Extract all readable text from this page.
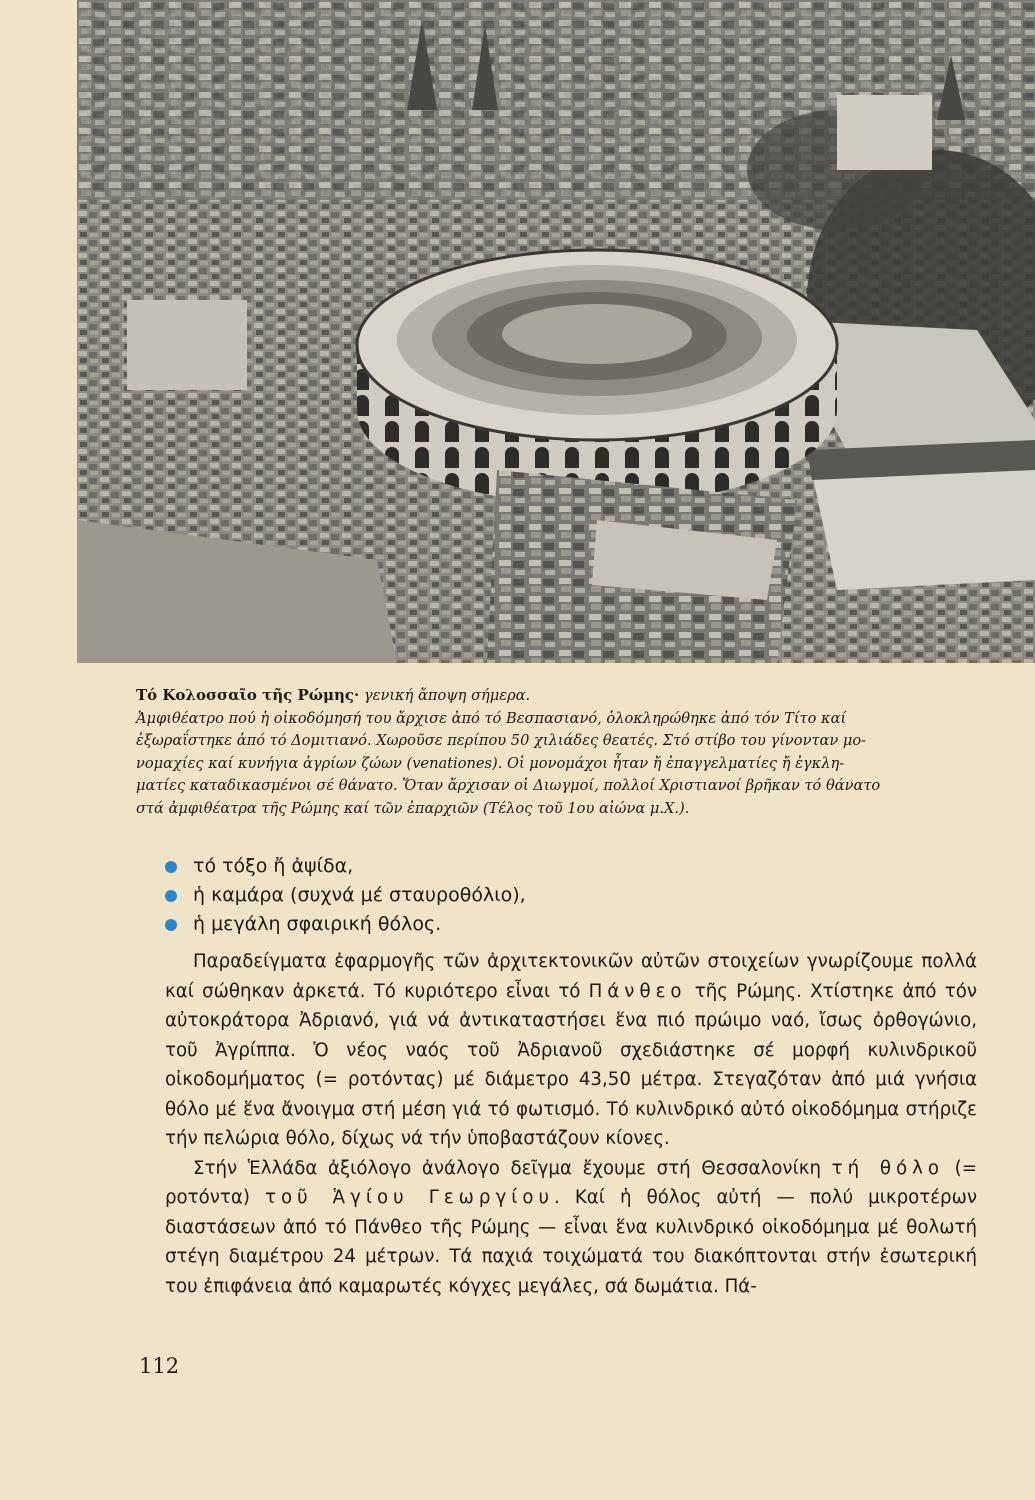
Τό Κολοσσαῖο τῆς Ρώμης· γενική ἄποψη σήμερα.

Ἀμφιθέατρο πού ἡ οἰκοδόμησή του ἄρχισε ἀπό τό Βεσπασιανό, ὁλοκληρώθηκε ἀπό τόν Τίτο καί

ἐξωραΐστηκε ἀπό τό Δομιτιανό. Χωροῦσε περίπου 50 χιλιάδες θεατές. Στό στίβο του γίνονταν μο-

νομαχίες καί κυνήγια ἀγρίων ζώων (venationes). Οἱ μονομάχοι ἦταν ἤ ἐπαγγελματίες ἤ ἐγκλη-

ματίες καταδικασμένοι σέ θάνατο. Ὅταν ἄρχισαν οἱ Διωγμοί, πολλοί Χριστιανοί βρῆκαν τό θάνατο

στά ἀμφιθέατρα τῆς Ρώμης καί τῶν ἐπαρχιῶν (Τέλος τοῦ 1ου αἰώνα μ.Χ.).

τό τόξο ἤ ἀψίδα,
ἡ καμάρα (συχνά μέ σταυροθόλιο),
ἡ μεγάλη σφαιρική θόλος.

Παραδείγματα ἐφαρμογῆς τῶν ἀρχιτεκτονικῶν αὐτῶν στοιχείων γνωρίζουμε πολλά καί σώθηκαν ἀρκετά. Τό κυριότερο εἶναι τό Πάνθεο τῆς Ρώμης. Χτίστηκε ἀπό τόν αὐτοκράτορα Ἀδριανό, γιά νά ἀντικαταστήσει ἕνα πιό πρώιμο ναό, ἴσως ὀρθογώνιο, τοῦ Ἀγρίππα. Ὁ νέος ναός τοῦ Ἀδριανοῦ σχεδιάστηκε σέ μορφή κυλινδρικοῦ οἰκοδομήματος (= ροτόντας) μέ διάμετρο 43,50 μέτρα. Στεγαζόταν ἀπό μιά γνήσια θόλο μέ ἕνα ἄνοιγμα στή μέση γιά τό φωτισμό. Τό κυλινδρικό αὐτό οἰκοδόμημα στήριζε τήν πελώρια θόλο, δίχως νά τήν ὑποβαστάζουν κίονες.

Στήν Ἑλλάδα ἀξιόλογο ἀνάλογο δεῖγμα ἔχουμε στή Θεσσαλονίκη τή θόλο (= ροτόντα) τοῦ Ἁγίου Γεωργίου. Καί ἡ θόλος αὐτή — πολύ μικροτέρων διαστάσεων ἀπό τό Πάνθεο τῆς Ρώμης — εἶναι ἕνα κυλινδρικό οἰκοδόμημα μέ θολωτή στέγη διαμέτρου 24 μέτρων. Τά παχιά τοιχώματά του διακόπτονται στήν ἐσωτερική του ἐπιφάνεια ἀπό καμαρωτές κόγχες μεγάλες, σά δωμάτια. Πά-

112
